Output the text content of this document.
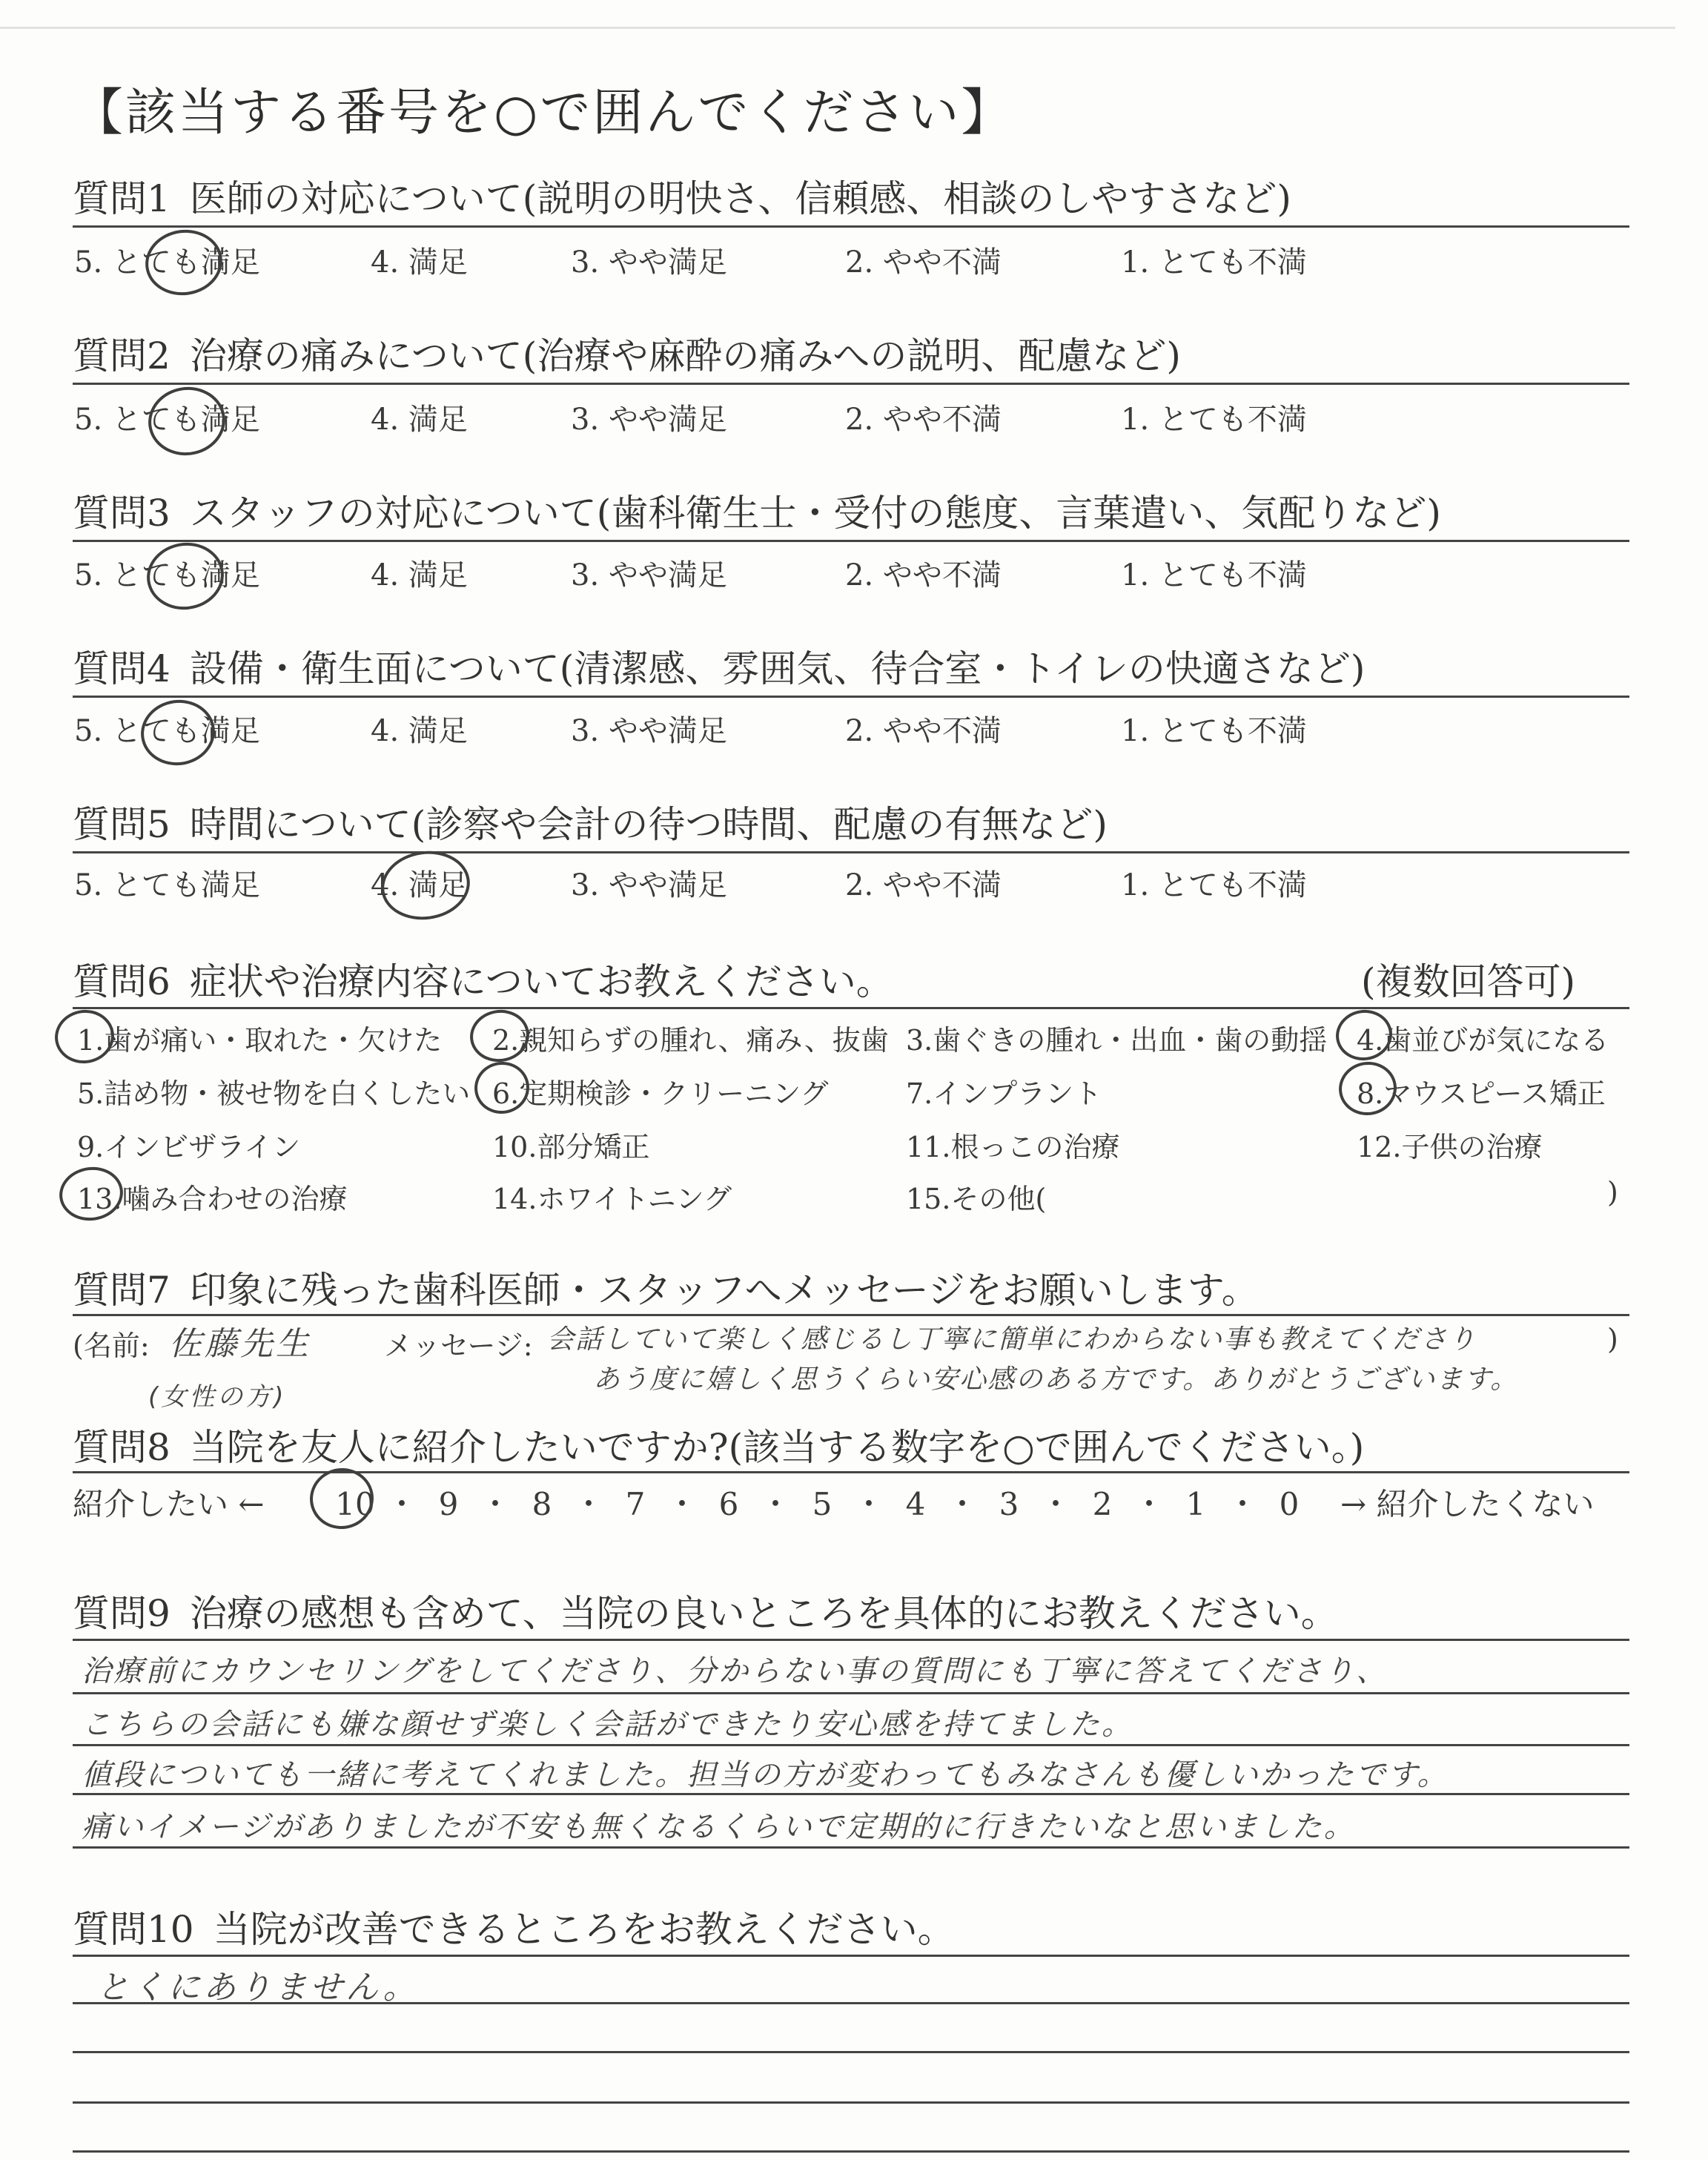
【該当する番号を○で囲んでください】
質問1 医師の対応について(説明の明快さ、信頼感、相談のしやすさなど)
5. とても満足	4. 満足	3. やや満足	2. やや不満	1. とても不満
質問2 治療の痛みについて(治療や麻酔の痛みへの説明、配慮など)
5. とても満足	4. 満足	3. やや満足	2. やや不満	1. とても不満
質問3 スタッフの対応について(歯科衛生士・受付の態度、言葉遣い、気配りなど)
5. とても満足	4. 満足	3. やや満足	2. やや不満	1. とても不満
質問4 設備・衛生面について(清潔感、雰囲気、待合室・トイレの快適さなど)
5. とても満足	4. 満足	3. やや満足	2. やや不満	1. とても不満
質問5 時間について(診察や会計の待つ時間、配慮の有無など)
5. とても満足	4. 満足	3. やや満足	2. やや不満	1. とても不満
質問6 症状や治療内容についてお教えください。	(複数回答可)
1.歯が痛い・取れた・欠けた 2.親知らずの腫れ、痛み、抜歯 3.歯ぐきの腫れ・出血・歯の動揺 4.歯並びが気になる
5.詰め物・被せ物を白くしたい 6.定期検診・クリーニング	7.インプラント	8.マウスピース矯正
9.インビザライン	10.部分矯正	11.根っこの治療	12.子供の治療
13.噛み合わせの治療	14.ホワイトニング	15.その他(	)
質問7 印象に残った歯科医師・スタッフへメッセージをお願いします。
(名前: 佐藤先生
(女性の方)
メッセージ: 会話していて楽しく感じるし丁寧に簡単にわからない事も教えてくださり	)
あう度に嬉しく思うくらい安心感のある方です。ありがとうございます。
質問8 当院を友人に紹介したいですか?(該当する数字を○で囲んでください。)
紹介したい ← 10 ・ 9 ・ 8 ・ 7 ・ 6 ・ 5 ・ 4 ・ 3 ・ 2 ・ 1 ・ 0	→ 紹介したくない
質問9 治療の感想も含めて、当院の良いところを具体的にお教えください。
治療前にカウンセリングをしてくださり、分からない事の質問にも丁寧に答えてくださり、
こちらの会話にも嫌な顔せず楽しく会話ができたり安心感を持てました。
値段についても一緒に考えてくれました。担当の方が変わってもみなさんも優しいかったです。
痛いイメージがありましたが不安も無くなるくらいで定期的に行きたいなと思いました。
質問10 当院が改善できるところをお教えください。
とくにありません。
